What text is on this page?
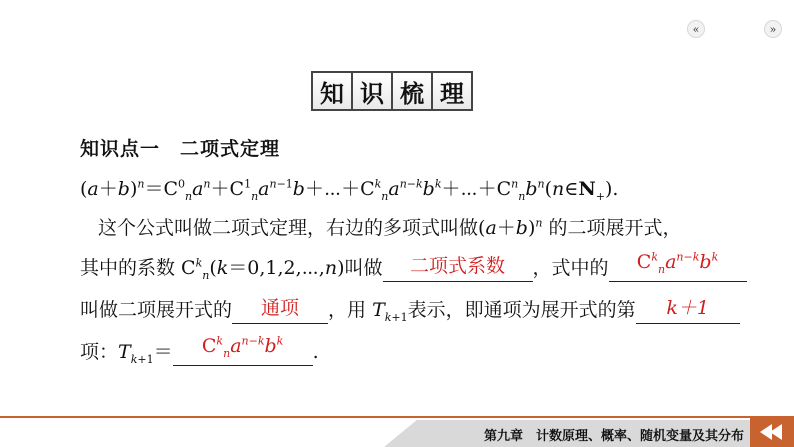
«	»
知 识 梳 理
知识点一　二项式定理
$(a+b)^n=C^0_na^n+C^1_na^{n-1}b+\cdots+C^k_na^{n-k}b^k+\cdots+C^n_nb^n(n\in N_+)$.
这个公式叫做二项式定理，右边的多项式叫做$(a+b)^n$ 的二项展开式，
其中的系数 $C^k_n(k=0,1,2,\cdots,n)$叫做 二项式系数 ，式中的 $C^k_na^{n-k}b^k$
叫做二项展开式的 通项 ，用 $T_{k+1}$表示，即通项为展开式的第 k＋1
项：$T_{k+1}= C^k_na^{n-k}b^k$ .
第九章　计数原理、概率、随机变量及其分布
